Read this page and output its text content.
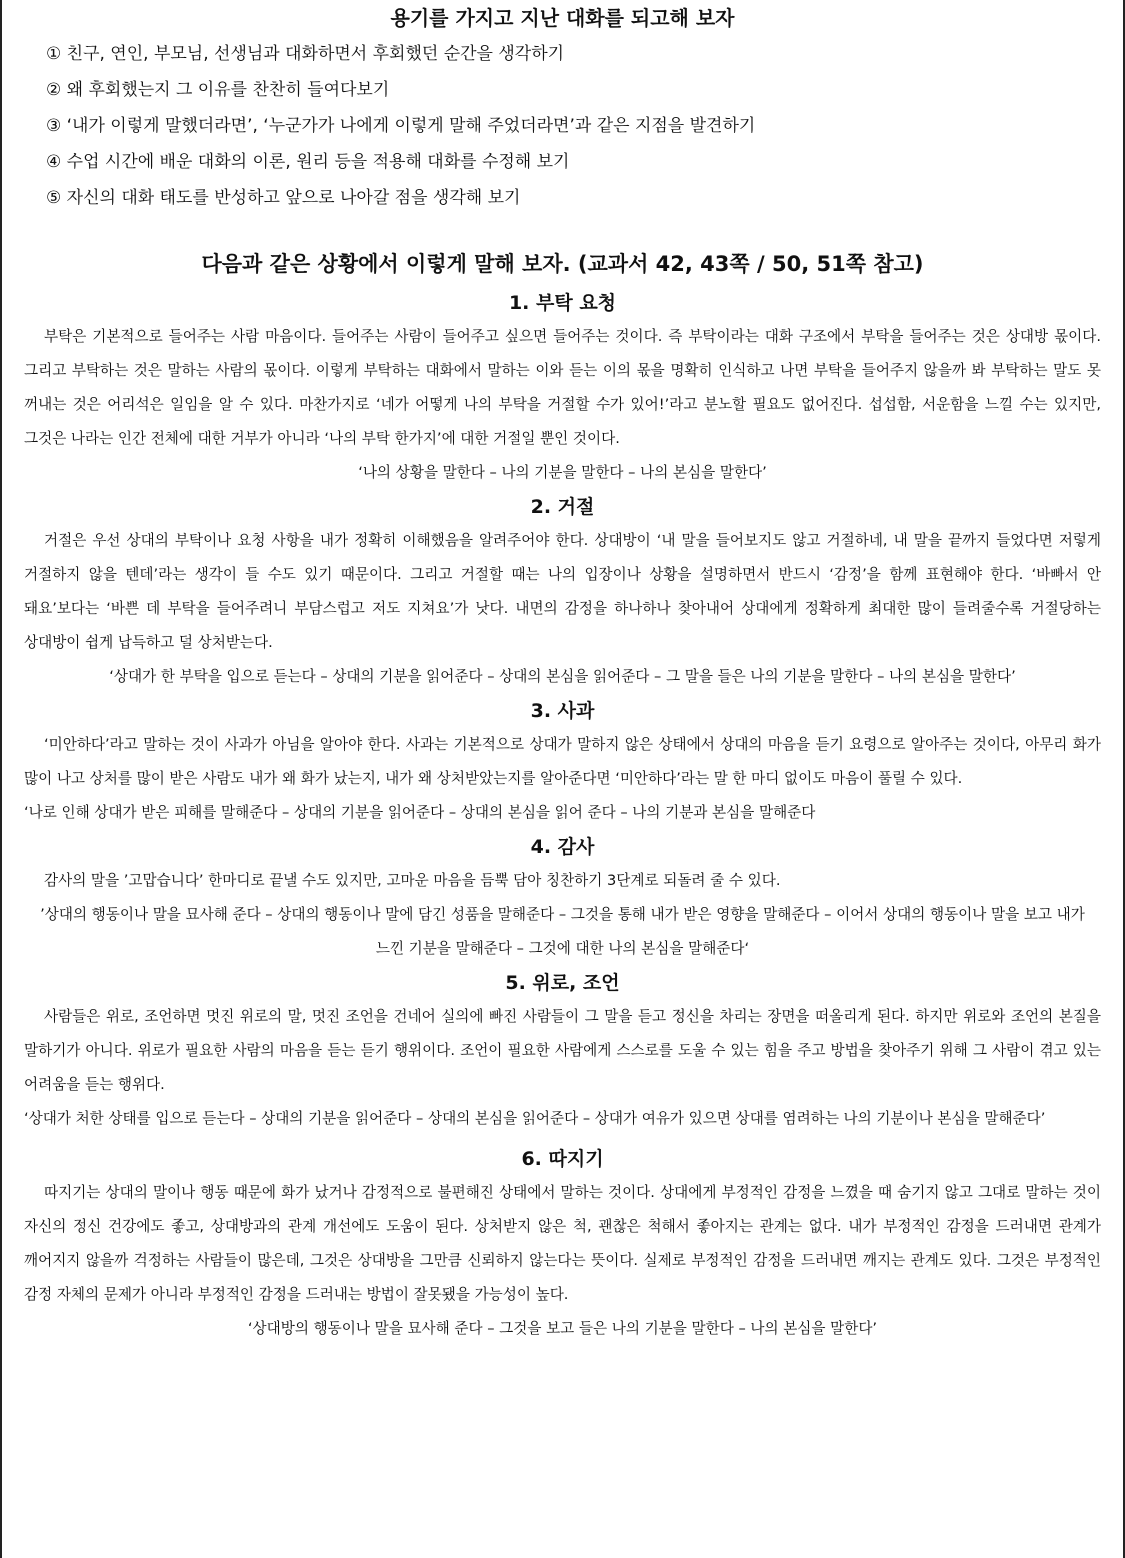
용기를 가지고 지난 대화를 되고해 보자
① 친구, 연인, 부모님, 선생님과 대화하면서 후회했던 순간을 생각하기
② 왜 후회했는지 그 이유를 찬찬히 들여다보기
③ ‘내가 이렇게 말했더라면’, ‘누군가가 나에게 이렇게 말해 주었더라면’과 같은 지점을 발견하기
④ 수업 시간에 배운 대화의 이론, 원리 등을 적용해 대화를 수정해 보기
⑤ 자신의 대화 태도를 반성하고 앞으로 나아갈 점을 생각해 보기
다음과 같은 상황에서 이렇게 말해 보자. (교과서 42, 43쪽 / 50, 51쪽 참고)
1. 부탁 요청

부탁은 기본적으로 들어주는 사람 마음이다. 들어주는 사람이 들어주고 싶으면 들어주는 것이다. 즉 부탁이라는 대화 구조에서 부탁을 들어주는 것은 상대방 몫이다. 그리고 부탁하는 것은 말하는 사람의 몫이다. 이렇게 부탁하는 대화에서 말하는 이와 듣는 이의 몫을 명확히 인식하고 나면 부탁을 들어주지 않을까 봐 부탁하는 말도 못 꺼내는 것은 어리석은 일임을 알 수 있다. 마찬가지로 ‘네가 어떻게 나의 부탁을 거절할 수가 있어!’라고 분노할 필요도 없어진다. 섭섭함, 서운함을 느낄 수는 있지만, 그것은 나라는 인간 전체에 대한 거부가 아니라 ‘나의 부탁 한가지’에 대한 거절일 뿐인 것이다.

‘나의 상황을 말한다 – 나의 기분을 말한다 – 나의 본심을 말한다’

2. 거절

거절은 우선 상대의 부탁이나 요청 사항을 내가 정확히 이해했음을 알려주어야 한다. 상대방이 ‘내 말을 들어보지도 않고 거절하네, 내 말을 끝까지 들었다면 저렇게 거절하지 않을 텐데’라는 생각이 들 수도 있기 때문이다. 그리고 거절할 때는 나의 입장이나 상황을 설명하면서 반드시 ‘감정’을 함께 표현해야 한다. ‘바빠서 안 돼요’보다는 ‘바쁜 데 부탁을 들어주려니 부담스럽고 저도 지쳐요’가 낫다. 내면의 감정을 하나하나 찾아내어 상대에게 정확하게 최대한 많이 들려줄수록 거절당하는 상대방이 쉽게 납득하고 덜 상처받는다.

‘상대가 한 부탁을 입으로 듣는다 – 상대의 기분을 읽어준다 – 상대의 본심을 읽어준다 – 그 말을 들은 나의 기분을 말한다 – 나의 본심을 말한다’

3. 사과

‘미안하다’라고 말하는 것이 사과가 아님을 알아야 한다. 사과는 기본적으로 상대가 말하지 않은 상태에서 상대의 마음을 듣기 요령으로 알아주는 것이다, 아무리 화가 많이 나고 상처를 많이 받은 사람도 내가 왜 화가 났는지, 내가 왜 상처받았는지를 알아준다면 ‘미안하다’라는 말 한 마디 없이도 마음이 풀릴 수 있다.

‘나로 인해 상대가 받은 피해를 말해준다 – 상대의 기분을 읽어준다 – 상대의 본심을 읽어 준다 – 나의 기분과 본심을 말해준다

4. 감사

감사의 말을 ’고맙습니다’ 한마디로 끝낼 수도 있지만, 고마운 마음을 듬뿍 담아 칭찬하기 3단계로 되돌려 줄 수 있다.

’상대의 행동이나 말을 묘사해 준다 – 상대의 행동이나 말에 담긴 성품을 말해준다 – 그것을 통해 내가 받은 영향을 말해준다 – 이어서 상대의 행동이나 말을 보고 내가 느낀 기분을 말해준다 – 그것에 대한 나의 본심을 말해준다‘

5. 위로, 조언

사람들은 위로, 조언하면 멋진 위로의 말, 멋진 조언을 건네어 실의에 빠진 사람들이 그 말을 듣고 정신을 차리는 장면을 떠올리게 된다. 하지만 위로와 조언의 본질을 말하기가 아니다. 위로가 필요한 사람의 마음을 듣는 듣기 행위이다. 조언이 필요한 사람에게 스스로를 도울 수 있는 힘을 주고 방법을 찾아주기 위해 그 사람이 겪고 있는 어려움을 듣는 행위다.

‘상대가 처한 상태를 입으로 듣는다 – 상대의 기분을 읽어준다 – 상대의 본심을 읽어준다 – 상대가 여유가 있으면 상대를 염려하는 나의 기분이나 본심을 말해준다’

6. 따지기

따지기는 상대의 말이나 행동 때문에 화가 났거나 감정적으로 불편해진 상태에서 말하는 것이다. 상대에게 부정적인 감정을 느꼈을 때 숨기지 않고 그대로 말하는 것이 자신의 정신 건강에도 좋고, 상대방과의 관계 개선에도 도움이 된다. 상처받지 않은 척, 괜찮은 척해서 좋아지는 관계는 없다. 내가 부정적인 감정을 드러내면 관계가 깨어지지 않을까 걱정하는 사람들이 많은데, 그것은 상대방을 그만큼 신뢰하지 않는다는 뜻이다. 실제로 부정적인 감정을 드러내면 깨지는 관계도 있다. 그것은 부정적인 감정 자체의 문제가 아니라 부정적인 감정을 드러내는 방법이 잘못됐을 가능성이 높다.

‘상대방의 행동이나 말을 묘사해 준다 – 그것을 보고 들은 나의 기분을 말한다 – 나의 본심을 말한다’
